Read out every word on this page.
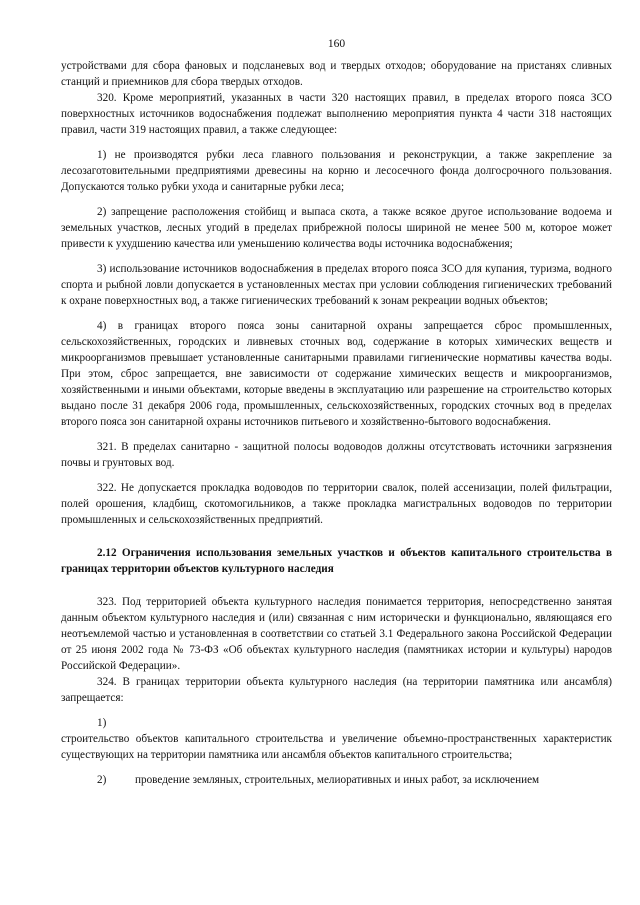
160

устройствами для сбора фановых и подсланевых вод и твердых отходов; оборудование на пристанях сливных станций и приемников для сбора твердых отходов.

320. Кроме мероприятий, указанных в части 320 настоящих правил, в пределах второго пояса ЗСО поверхностных источников водоснабжения подлежат выполнению мероприятия пункта 4 части 318 настоящих правил, части 319 настоящих правил, а также следующее:

1) не производятся рубки леса главного пользования и реконструкции, а также закрепление за лесозаготовительными предприятиями древесины на корню и лесосечного фонда долгосрочного пользования. Допускаются только рубки ухода и санитарные рубки леса;

2) запрещение расположения стойбищ и выпаса скота, а также всякое другое использование водоема и земельных участков, лесных угодий в пределах прибрежной полосы шириной не менее 500 м, которое может привести к ухудшению качества или уменьшению количества воды источника водоснабжения;

3) использование источников водоснабжения в пределах второго пояса ЗСО для купания, туризма, водного спорта и рыбной ловли допускается в установленных местах при условии соблюдения гигиенических требований к охране поверхностных вод, а также гигиенических требований к зонам рекреации водных объектов;

4) в границах второго пояса зоны санитарной охраны запрещается сброс промышленных, сельскохозяйственных, городских и ливневых сточных вод, содержание в которых химических веществ и микроорганизмов превышает установленные санитарными правилами гигиенические нормативы качества воды. При этом, сброс запрещается, вне зависимости от содержание химических веществ и микроорганизмов, хозяйственными и иными объектами, которые введены в эксплуатацию или разрешение на строительство которых выдано после 31 декабря 2006 года, промышленных, сельскохозяйственных, городских сточных вод в пределах второго пояса зон санитарной охраны источников питьевого и хозяйственно-бытового водоснабжения.

321. В пределах санитарно - защитной полосы водоводов должны отсутствовать источники загрязнения почвы и грунтовых вод.

322. Не допускается прокладка водоводов по территории свалок, полей ассенизации, полей фильтрации, полей орошения, кладбищ, скотомогильников, а также прокладка магистральных водоводов по территории промышленных и сельскохозяйственных предприятий.

2.12 Ограничения использования земельных участков и объектов капитального строительства в границах территории объектов культурного наследия

323. Под территорией объекта культурного наследия понимается территория, непосредственно занятая данным объектом культурного наследия и (или) связанная с ним исторически и функционально, являющаяся его неотъемлемой частью и установленная в соответствии со статьей 3.1 Федерального закона Российской Федерации от 25 июня 2002 года № 73-ФЗ «Об объектах культурного наследия (памятниках истории и культуры) народов Российской Федерации».

324. В границах территории объекта культурного наследия (на территории памятника или ансамбля) запрещается:

1)

строительство объектов капитального строительства и увеличение объемно-пространственных характеристик существующих на территории памятника или ансамбля объектов капитального строительства;

2)	проведение земляных, строительных, мелиоративных и иных работ, за исключением
